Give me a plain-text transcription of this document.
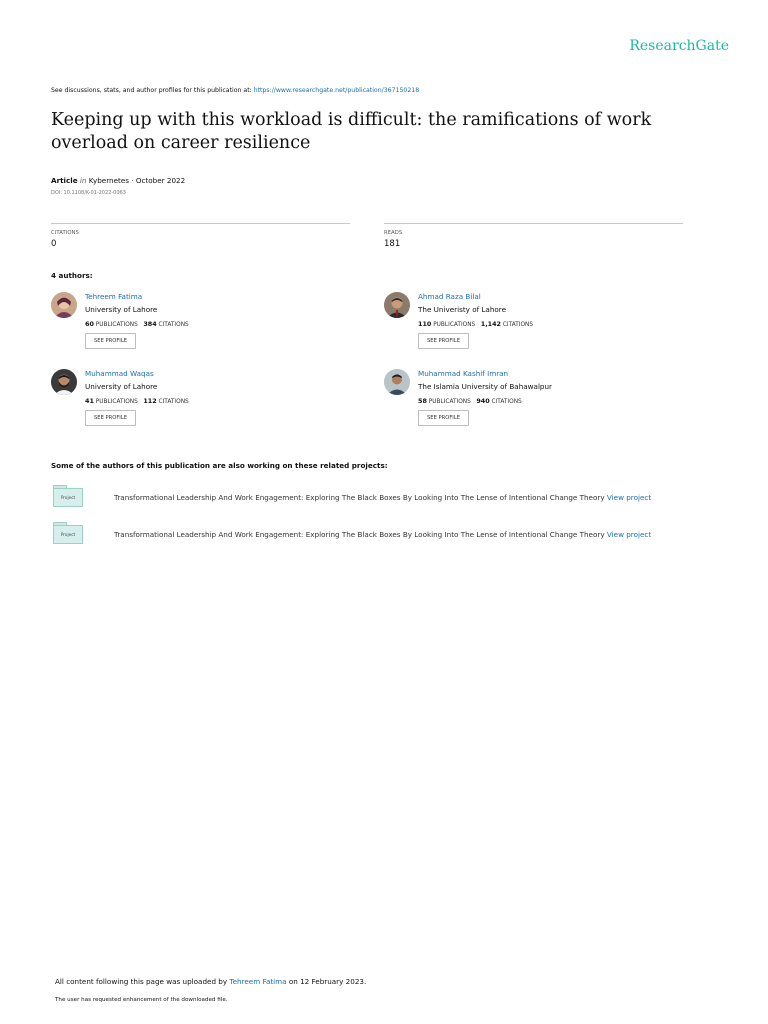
ResearchGate
See discussions, stats, and author profiles for this publication at: https://www.researchgate.net/publication/367150218
Keeping up with this workload is difficult: the ramifications of work overload on career resilience
Article in Kybernetes · October 2022
DOI: 10.1108/K-01-2022-0063
CITATIONS
0
READS
181
4 authors:
Tehreem Fatima
University of Lahore
60 PUBLICATIONS 384 CITATIONS
SEE PROFILE
Ahmad Raza Bilal
The Univeristy of Lahore
110 PUBLICATIONS 1,142 CITATIONS
SEE PROFILE
Muhammad Waqas
University of Lahore
41 PUBLICATIONS 112 CITATIONS
SEE PROFILE
Muhammad Kashif Imran
The Islamia University of Bahawalpur
58 PUBLICATIONS 940 CITATIONS
SEE PROFILE
Some of the authors of this publication are also working on these related projects:
Project	Transformational Leadership And Work Engagement: Exploring The Black Boxes By Looking Into The Lense of Intentional Change Theory View project
Project	Transformational Leadership And Work Engagement: Exploring The Black Boxes By Looking Into The Lense of Intentional Change Theory View project
All content following this page was uploaded by Tehreem Fatima on 12 February 2023.
The user has requested enhancement of the downloaded file.
